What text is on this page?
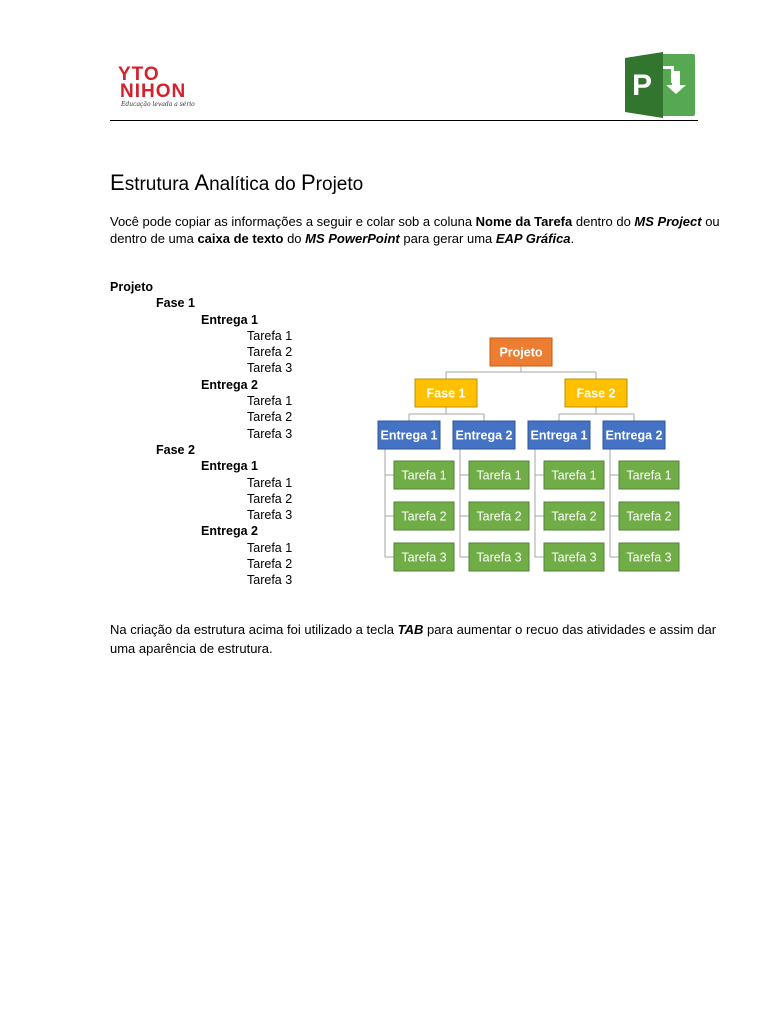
YTO
NIHON
Educação levada a sério
P
Estrutura Analítica do Projeto
Você pode copiar as informações a seguir e colar sob a coluna Nome da Tarefa dentro do MS Project ou dentro de uma caixa de texto do MS PowerPoint para gerar uma EAP Gráfica.
Projeto
Fase 1
Entrega 1
Tarefa 1
Tarefa 2
Tarefa 3
Entrega 2
Tarefa 1
Tarefa 2
Tarefa 3
Fase 2
Entrega 1
Tarefa 1
Tarefa 2
Tarefa 3
Entrega 2
Tarefa 1
Tarefa 2
Tarefa 3
Projeto
Fase 1
Entrega 1
Tarefa 1
Tarefa 2
Tarefa 3
Entrega 2
Tarefa 1
Tarefa 2
Tarefa 3
Fase 2
Entrega 1
Tarefa 1
Tarefa 2
Tarefa 3
Entrega 2
Tarefa 1
Tarefa 2
Tarefa 3
Na criação da estrutura acima foi utilizado a tecla TAB para aumentar o recuo das atividades e assim dar uma aparência de estrutura.
